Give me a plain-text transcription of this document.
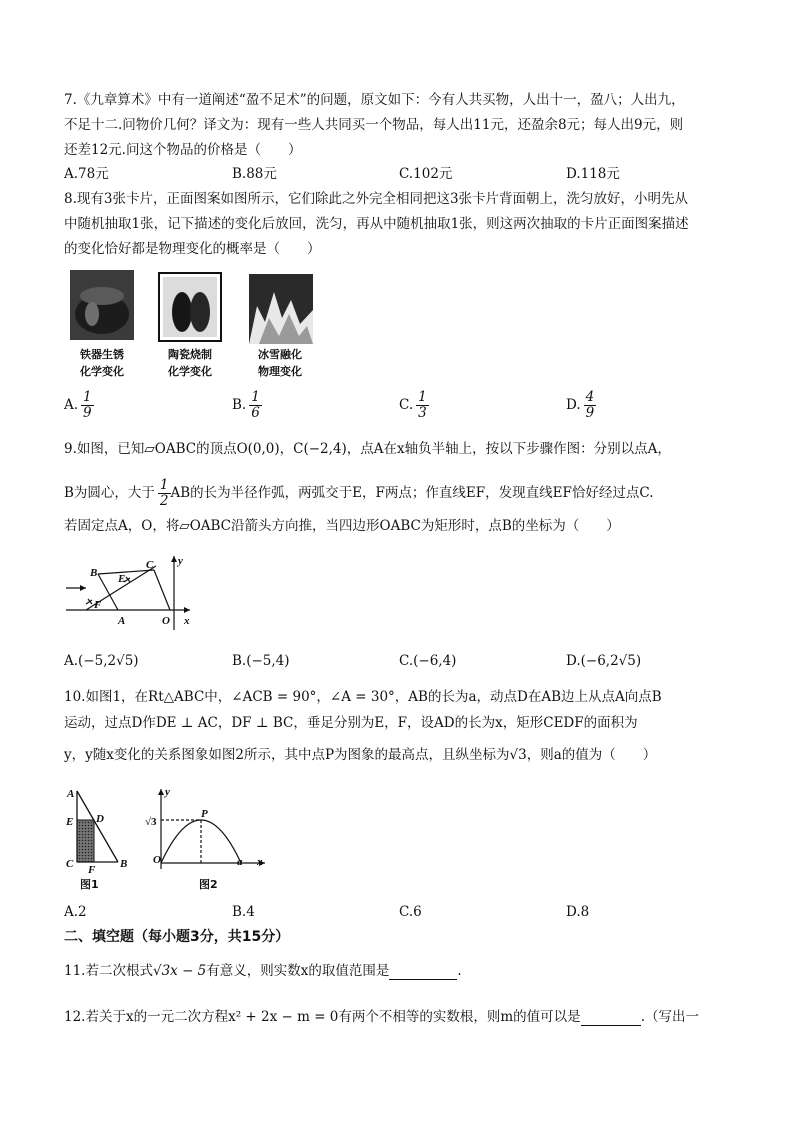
7.《九章算术》中有一道阐述“盈不足术”的问题，原文如下：今有人共买物，人出十一，盈八；人出九，
不足十二.问物价几何？译文为：现有一些人共同买一个物品，每人出11元，还盈余8元；每人出9元，则
还差12元.问这个物品的价格是（　　）
A.78元	B.88元	C.102元	D.118元
8.现有3张卡片，正面图案如图所示，它们除此之外完全相同把这3张卡片背面朝上，洗匀放好，小明先从
中随机抽取1张，记下描述的变化后放回，洗匀，再从中随机抽取1张，则这两次抽取的卡片正面图案描述
的变化恰好都是物理变化的概率是（　　）
铁器生锈
化学变化
陶瓷烧制
化学变化
冰雪融化
物理变化
A. $\frac{1}{9}$	B. $\frac{1}{6}$	C. $\frac{1}{3}$	D. $\frac{4}{9}$
9.如图，已知▱OABC的顶点O(0,0)，C(−2,4)，点A在x轴负半轴上，按以下步骤作图：分别以点A，
B为圆心，大于 $\frac{1}{2}$ AB的长为半径作弧，两弧交于E，F两点；作直线EF，发现直线EF恰好经过点C.
若固定点A，O，将▱OABC沿箭头方向推，当四边形OABC为矩形时，点B的坐标为（　　）
B E
C
F
A	O x
y
A.(−5,2√5)	B.(−5,4)	C.(−6,4)	D.(−6,2√5)
10.如图1，在Rt△ABC中，∠ACB = 90°，∠A = 30°，AB的长为a，动点D在AB边上从点A向点B
运动，过点D作DE ⊥ AC，DF ⊥ BC，垂足分别为E，F，设AD的长为x，矩形CEDF的面积为
y，y随x变化的关系图象如图2所示，其中点P为图象的最高点，且纵坐标为√3，则a的值为（　　）
A
E D
C F B
图1
y
√3
P
O	a x
图2
A.2	B.4	C.6	D.8
二、填空题（每小题3分，共15分）
11.若二次根式√3x − 5有意义，则实数x的取值范围是	.
12.若关于x的一元二次方程x² + 2x − m = 0有两个不相等的实数根，则m的值可以是	.（写出一
